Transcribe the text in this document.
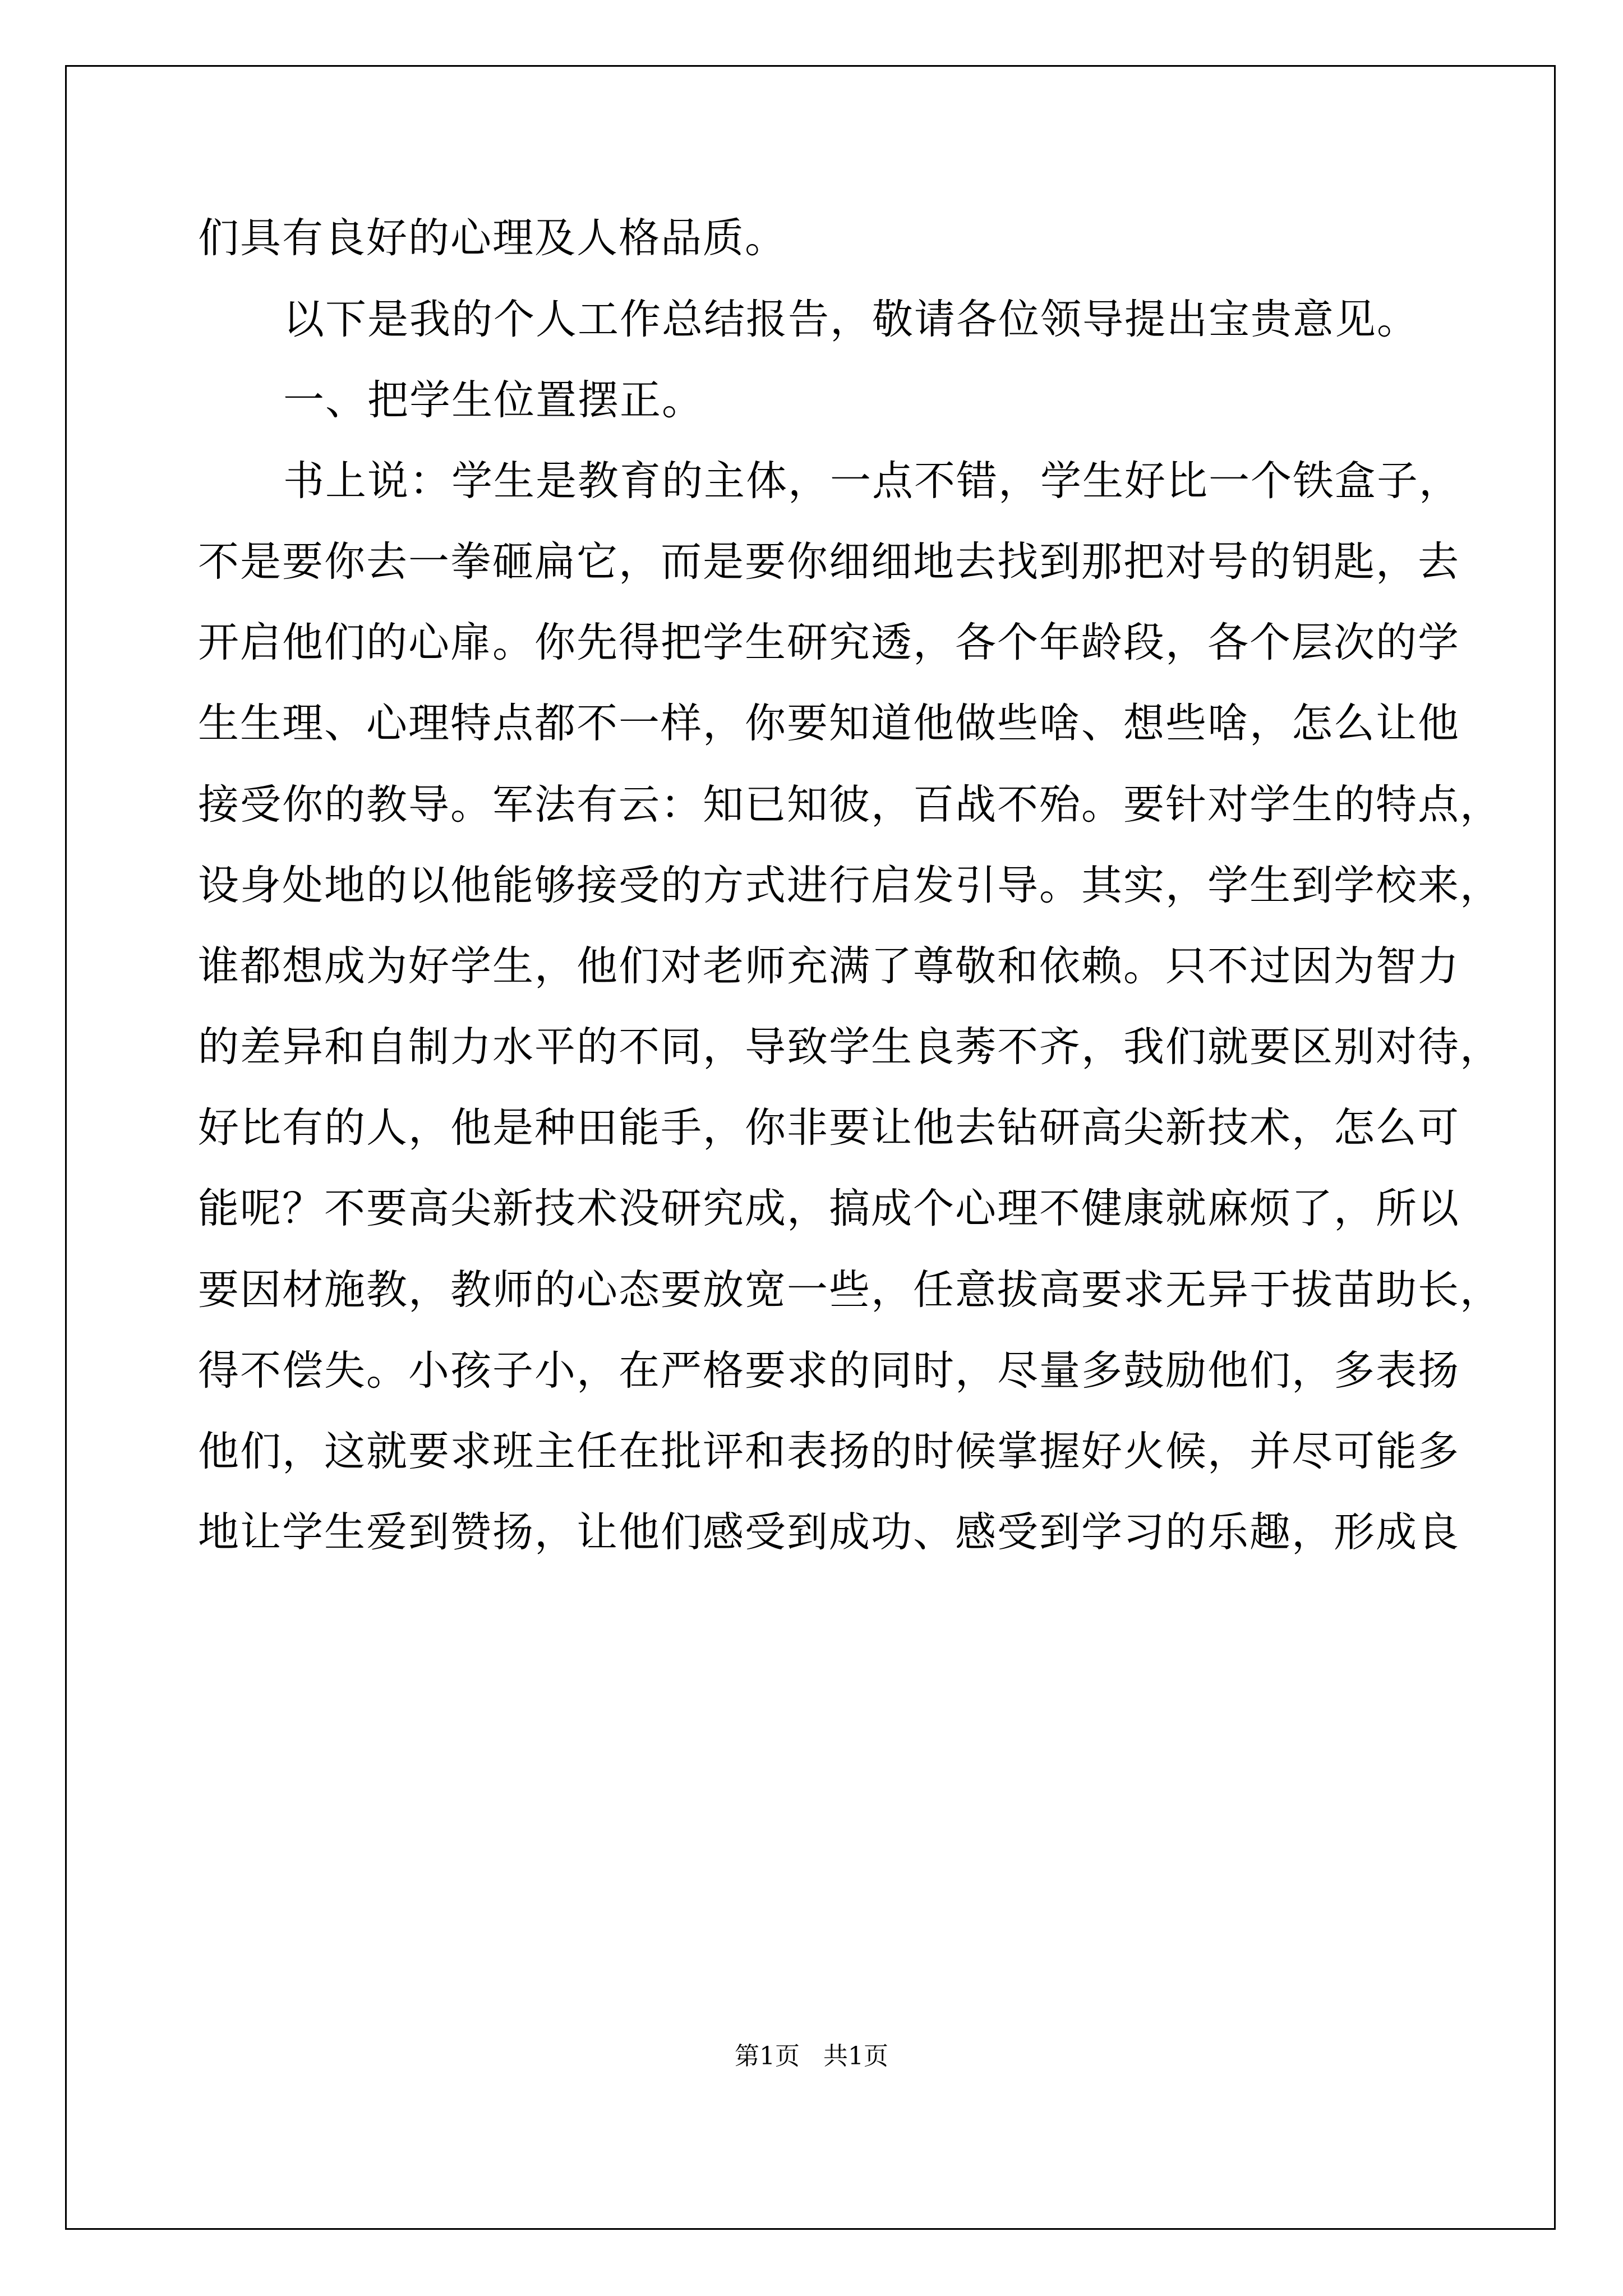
们具有良好的心理及人格品质。

以下是我的个人工作总结报告，敬请各位领导提出宝贵意见。

一、把学生位置摆正。

书上说：学生是教育的主体，一点不错，学生好比一个铁盒子，

不是要你去一拳砸扁它，而是要你细细地去找到那把对号的钥匙，去

开启他们的心扉。你先得把学生研究透，各个年龄段，各个层次的学

生生理、心理特点都不一样，你要知道他做些啥、想些啥，怎么让他

接受你的教导。军法有云：知已知彼，百战不殆。要针对学生的特点，

设身处地的以他能够接受的方式进行启发引导。其实，学生到学校来，

谁都想成为好学生，他们对老师充满了尊敬和依赖。只不过因为智力

的差异和自制力水平的不同，导致学生良莠不齐，我们就要区别对待，

好比有的人，他是种田能手，你非要让他去钻研高尖新技术，怎么可

能呢？不要高尖新技术没研究成，搞成个心理不健康就麻烦了，所以

要因材施教，教师的心态要放宽一些，任意拔高要求无异于拔苗助长，

得不偿失。小孩子小，在严格要求的同时，尽量多鼓励他们，多表扬

他们，这就要求班主任在批评和表扬的时候掌握好火候，并尽可能多

地让学生爱到赞扬，让他们感受到成功、感受到学习的乐趣，形成良

第1页   共1页
